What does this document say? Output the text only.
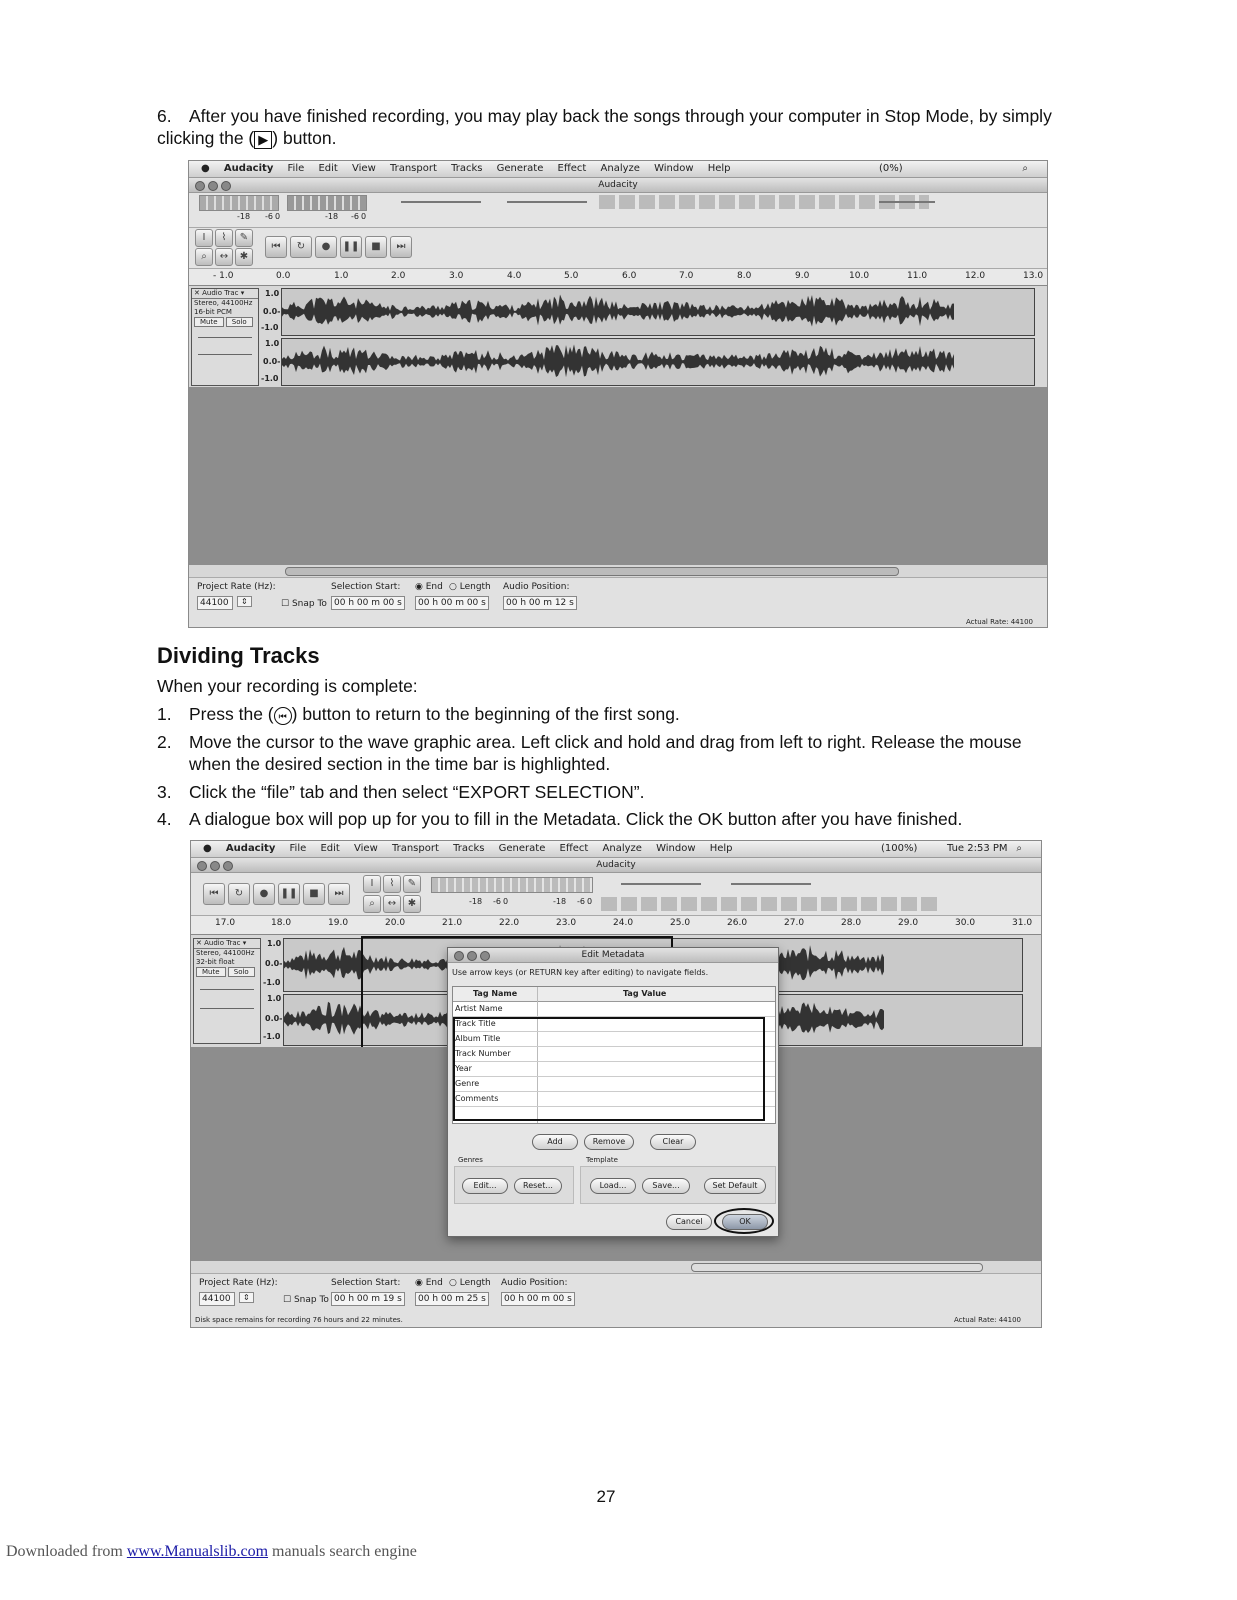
6. After you have finished recording, you may play back the songs through your computer in Stop Mode, by simply clicking the ( ▶ ) button.
● Audacity File Edit View Transport Tracks Generate Effect Analyze Window Help	(0%)	⌕
Audacity
-18 -6 0	-18 -6 0
I	⌇	✎
⌕	↔	✱
⏮	↻	●	❚❚	■	⏭
- 1.0	0.0	1.0	2.0	3.0	4.0	5.0	6.0	7.0	8.0	9.0	10.0	11.0	12.0	13.0
✕ Audio Trac ▾
Stereo, 44100Hz
16-bit PCM
Mute Solo
1.0
0.0-
-1.0
1.0
0.0-
-1.0
Project Rate (Hz):
44100	⇕
Selection Start: ◉ End ○ Length Audio Position:
☐ Snap To 00 h 00 m 00 s	00 h 00 m 00 s	00 h 00 m 12 s
Actual Rate: 44100
Dividing Tracks
When your recording is complete:
1. Press the ( ⏮ ) button to return to the beginning of the first song.
2. Move the cursor to the wave graphic area. Left click and hold and drag from left to right. Release the mouse when the desired section in the time bar is highlighted.
3. Click the “file” tab and then select “EXPORT SELECTION”.
4. A dialogue box will pop up for you to fill in the Metadata. Click the OK button after you have finished.
● Audacity File Edit View Transport Tracks Generate Effect Analyze Window Help	(100%)	Tue 2:53 PM ⌕
Audacity
⏮	↻	●	❚❚	■	⏭
I	⌇	✎
⌕	↔	✱	-18 -6 0	-18 -6 0
17.0	18.0	19.0	20.0	21.0	22.0	23.0	24.0	25.0	26.0	27.0	28.0	29.0	30.0	31.0
✕ Audio Trac ▾
Stereo, 44100Hz
32-bit float
Mute Solo
1.0
0.0-
-1.0
1.0
0.0-
-1.0
Project Rate (Hz):
44100	⇕
Selection Start: ◉ End ○ Length Audio Position:
☐ Snap To 00 h 00 m 19 s	00 h 00 m 25 s	00 h 00 m 00 s
Disk space remains for recording 76 hours and 22 minutes.	Actual Rate: 44100
Edit Metadata
Use arrow keys (or RETURN key after editing) to navigate fields.
Tag Name	Tag Value
Artist Name
Track Title
Album Title
Track Number
Year
Genre
Comments
Add	Remove	Clear
Genres	Template
Edit...	Reset...	Load...	Save...	Set Default
Cancel	OK
27
Downloaded from www.Manualslib.com manuals search engine
